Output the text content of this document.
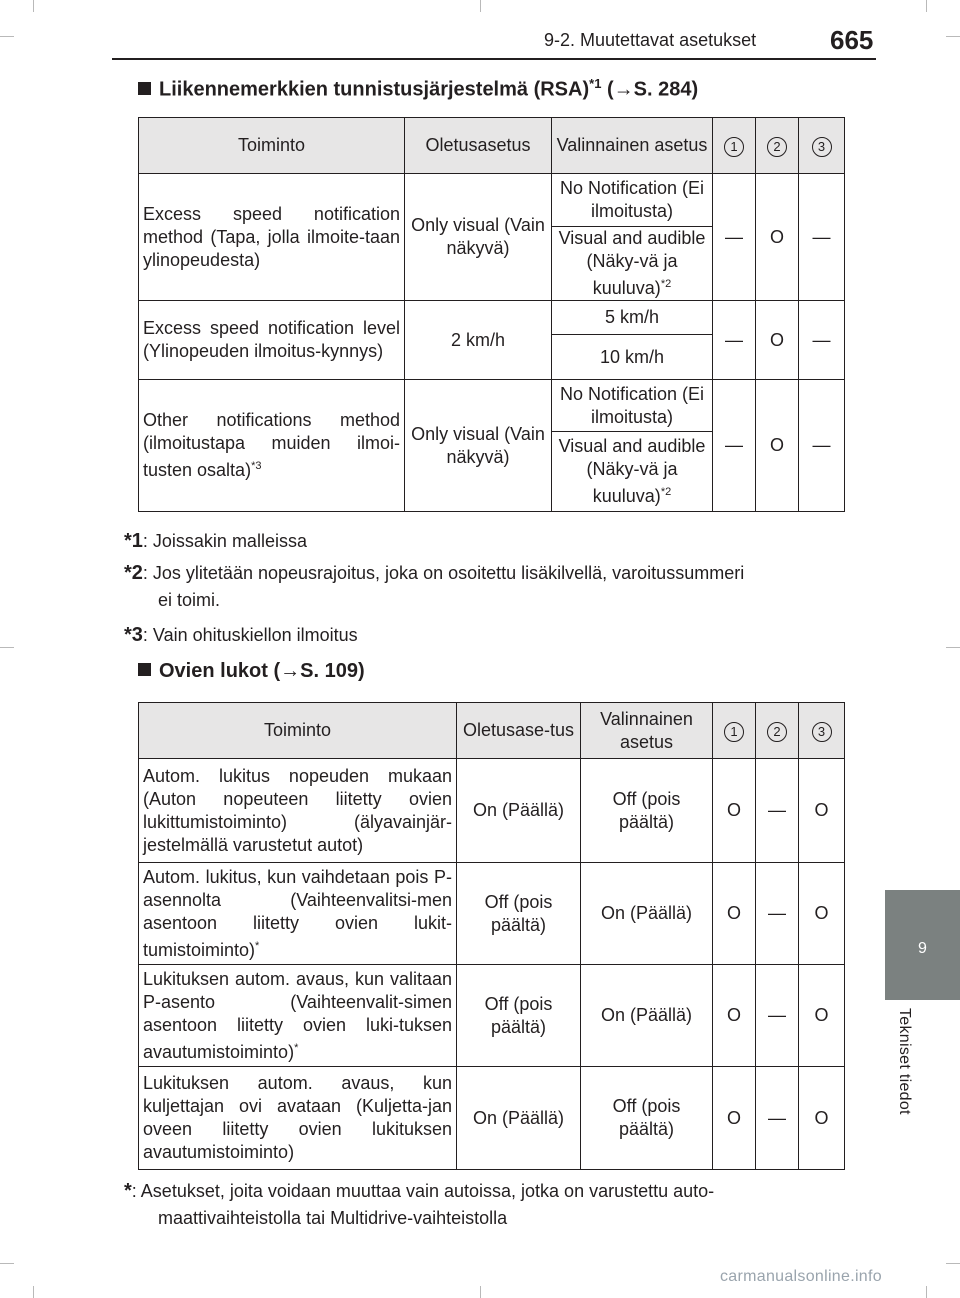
9-2. Muutettavat asetukset	665
9
Tekniset tiedot
Liikennemerkkien tunnistusjärjestelmä (RSA)$^{*1}$ (→S. 284)
Toiminto	Oletusasetus	Valinnainen asetus	1	2	3
Excess speed notification method (Tapa, jolla ilmoite-taan ylinopeudesta)	Only visual (Vain näkyvä)	No Notification (Ei ilmoitusta)	—	O	—
		Visual and audible (Näky-vä ja kuuluva)$^{*2}$
Excess speed notification level (Ylinopeuden ilmoitus-kynnys)	2 km/h	5 km/h	—	O	—
		10 km/h			
Other notifications method (ilmoitustapa muiden ilmoi-tusten osalta)$^{*3}$	Only visual (Vain näkyvä)	No Notification (Ei ilmoitusta)	—	O	—
		Visual and audible (Näky-vä ja kuuluva)$^{*2}$
*1: Joissakin malleissa
*2: Jos ylitetään nopeusrajoitus, joka on osoitettu lisäkilvellä, varoitussummeri
ei toimi.
*3: Vain ohituskiellon ilmoitus
Ovien lukot (→S. 109)
Toiminto	Oletusase-tus	Valinnainen asetus	1	2	3
Autom. lukitus nopeuden mukaan (Auton nopeuteen liitetty ovien lukittumistoiminto) (älyavainjär-jestelmällä varustetut autot)	On (Päällä)	Off (pois päältä)	O	—	O
Autom. lukitus, kun vaihdetaan pois P-asennolta (Vaihteenvalitsi-men asentoon liitetty ovien lukit-tumistoiminto)*	Off (pois päältä)	On (Päällä)	O	—	O
Lukituksen autom. avaus, kun valitaan P-asento (Vaihteenvalit-simen asentoon liitetty ovien luki-tuksen avautumistoiminto)*	Off (pois päältä)	On (Päällä)	O	—	O
Lukituksen autom. avaus, kun kuljettajan ovi avataan (Kuljetta-jan oveen liitetty ovien lukituksen avautumistoiminto)	On (Päällä)	Off (pois päältä)	O	—	O
*: Asetukset, joita voidaan muuttaa vain autoissa, jotka on varustettu auto-
maattivaihteistolla tai Multidrive-vaihteistolla
carmanualsonline.info
